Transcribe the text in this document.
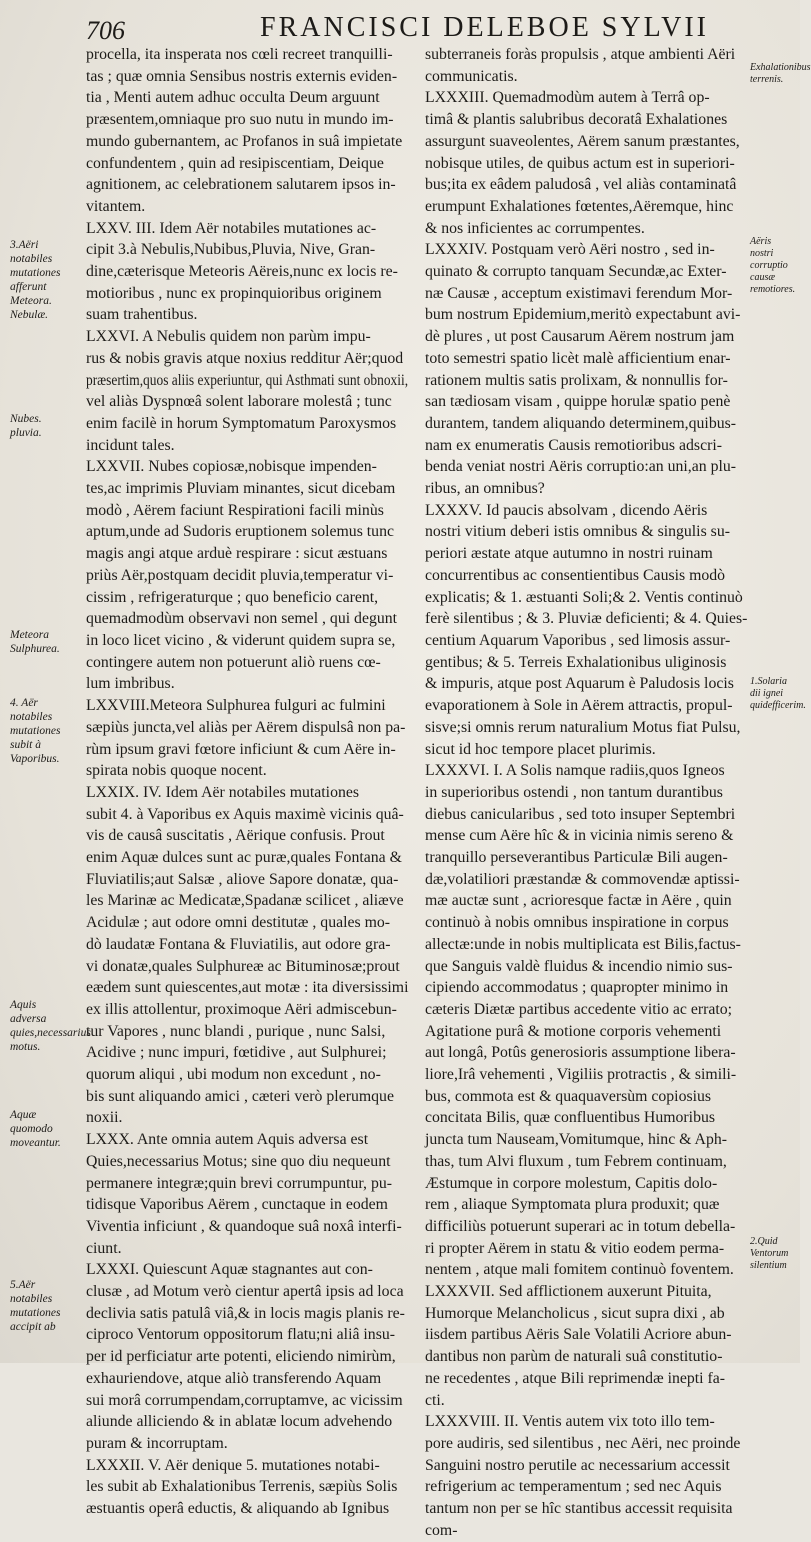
706	FRANCISCI DELEBOE SYLVII
procella, ita insperata nos cœli recreet tranquilli-
tas ; quæ omnia Sensibus nostris externis eviden-
tia , Menti autem adhuc occulta Deum arguunt
præsentem,omniaque pro suo nutu in mundo im-
mundo gubernantem, ac Profanos in suâ impietate
confundentem , quin ad resipiscentiam, Deique
agnitionem, ac celebrationem salutarem ipsos in-
vitantem.
LXXV. III. Idem Aër notabiles mutationes ac-
cipit 3.à Nebulis,Nubibus,Pluvia, Nive, Gran-
dine,cæterisque Meteoris Aëreis,nunc ex locis re-
motioribus , nunc ex propinquioribus originem
suam trahentibus.
LXXVI. A Nebulis quidem non parùm impu-
rus & nobis gravis atque noxius redditur Aër;quod
præsertim,quos aliis experiuntur, qui Asthmati sunt obnoxii,
vel aliàs Dyspnœâ solent laborare molestâ ; tunc
enim facilè in horum Symptomatum Paroxysmos
incidunt tales.
LXXVII. Nubes copiosæ,nobisque impenden-
tes,ac imprimis Pluviam minantes, sicut dicebam
modò , Aërem faciunt Respirationi facili minùs
aptum,unde ad Sudoris eruptionem solemus tunc
magis angi atque arduè respirare : sicut æstuans
priùs Aër,postquam decidit pluvia,temperatur vi-
cissim , refrigeraturque ; quo beneficio carent,
quemadmodùm observavi non semel , qui degunt
in loco licet vicino , & viderunt quidem supra se,
contingere autem non potuerunt aliò ruens cœ-
lum imbribus.
LXXVIII.Meteora Sulphurea fulguri ac fulmini
sæpiùs juncta,vel aliàs per Aërem dispulsâ non pa-
rùm ipsum gravi fœtore inficiunt & cum Aëre in-
spirata nobis quoque nocent.
LXXIX. IV. Idem Aër notabiles mutationes
subit 4. à Vaporibus ex Aquis maximè vicinis quâ-
vis de causâ suscitatis , Aërique confusis. Prout
enim Aquæ dulces sunt ac puræ,quales Fontana &
Fluviatilis;aut Salsæ , aliove Sapore donatæ, qua-
les Marinæ ac Medicatæ,Spadanæ scilicet , aliæve
Acidulæ ; aut odore omni destitutæ , quales mo-
dò laudatæ Fontana & Fluviatilis, aut odore gra-
vi donatæ,quales Sulphureæ ac Bituminosæ;prout
eædem sunt quiescentes,aut motæ : ita diversissimi
ex illis attollentur, proximoque Aëri admiscebun-
tur Vapores , nunc blandi , purique , nunc Salsi,
Acidive ; nunc impuri, fœtidive , aut Sulphurei;
quorum aliqui , ubi modum non excedunt , no-
bis sunt aliquando amici , cæteri verò plerumque
noxii.
LXXX. Ante omnia autem Aquis adversa est
Quies,necessarius Motus; sine quo diu nequeunt
permanere integræ;quin brevi corrumpuntur, pu-
tidisque Vaporibus Aërem , cunctaque in eodem
Viventia inficiunt , & quandoque suâ noxâ interfi-
ciunt.
LXXXI. Quiescunt Aquæ stagnantes aut con-
clusæ , ad Motum verò cientur apertâ ipsis ad loca
declivia satis patulâ viâ,& in locis magis planis re-
ciproco Ventorum oppositorum flatu;ni aliâ insu-
per id perficiatur arte potenti, eliciendo nimirùm,
exhauriendove, atque aliò transferendo Aquam
sui morâ corrumpendam,corruptamve, ac vicissim
aliunde alliciendo & in ablatæ locum advehendo
puram & incorruptam.
LXXXII. V. Aër denique 5. mutationes notabi-
les subit ab Exhalationibus Terrenis, sæpiùs Solis
æstuantis operâ eductis, & aliquando ab Ignibus
subterraneis foràs propulsis , atque ambienti Aëri
communicatis.
LXXXIII. Quemadmodùm autem à Terrâ op-
timâ & plantis salubribus decoratâ Exhalationes
assurgunt suaveolentes, Aërem sanum præstantes,
nobisque utiles, de quibus actum est in superiori-
bus;ita ex eâdem paludosâ , vel aliàs contaminatâ
erumpunt Exhalationes fœtentes,Aëremque, hinc
& nos inficientes ac corrumpentes.
LXXXIV. Postquam verò Aëri nostro , sed in-
quinato & corrupto tanquam Secundæ,ac Exter-
næ Causæ , acceptum existimavi ferendum Mor-
bum nostrum Epidemium,meritò expectabunt avi-
dè plures , ut post Causarum Aërem nostrum jam
toto semestri spatio licèt malè afficientium enar-
rationem multis satis prolixam, & nonnullis for-
san tædiosam visam , quippe horulæ spatio penè
durantem, tandem aliquando determinem,quibus-
nam ex enumeratis Causis remotioribus adscri-
benda veniat nostri Aëris corruptio:an uni,an plu-
ribus, an omnibus?
LXXXV. Id paucis absolvam , dicendo Aëris
nostri vitium deberi istis omnibus & singulis su-
periori æstate atque autumno in nostri ruinam
concurrentibus ac consentientibus Causis modò
explicatis; & 1. æstuanti Soli;& 2. Ventis continuò
ferè silentibus ; & 3. Pluviæ deficienti; & 4. Quies-
centium Aquarum Vaporibus , sed limosis assur-
gentibus; & 5. Terreis Exhalationibus uliginosis
& impuris, atque post Aquarum è Paludosis locis
evaporationem à Sole in Aërem attractis, propul-
sisve;si omnis rerum naturalium Motus fiat Pulsu,
sicut id hoc tempore placet plurimis.
LXXXVI. I. A Solis namque radiis,quos Igneos
in superioribus ostendi , non tantum durantibus
diebus canicularibus , sed toto insuper Septembri
mense cum Aëre hîc & in vicinia nimis sereno &
tranquillo perseverantibus Particulæ Bili augen-
dæ,volatiliori præstandæ & commovendæ aptissi-
mæ auctæ sunt , acrioresque factæ in Aëre , quin
continuò à nobis omnibus inspiratione in corpus
allectæ:unde in nobis multiplicata est Bilis,factus-
que Sanguis valdè fluidus & incendio nimio sus-
cipiendo accommodatus ; quapropter minimo in
cæteris Diætæ partibus accedente vitio ac errato;
Agitatione purâ & motione corporis vehementi
aut longâ, Potûs generosioris assumptione libera-
liore,Irâ vehementi , Vigiliis protractis , & simili-
bus, commota est & quaquaversùm copiosius
concitata Bilis, quæ confluentibus Humoribus
juncta tum Nauseam,Vomitumque, hinc & Aph-
thas, tum Alvi fluxum , tum Febrem continuam,
Æstumque in corpore molestum, Capitis dolo-
rem , aliaque Symptomata plura produxit; quæ
difficiliùs potuerunt superari ac in totum debella-
ri propter Aërem in statu & vitio eodem perma-
nentem , atque mali fomitem continuò foventem.
LXXXVII. Sed afflictionem auxerunt Pituita,
Humorque Melancholicus , sicut supra dixi , ab
iisdem partibus Aëris Sale Volatili Acriore abun-
dantibus non parùm de naturali suâ constitutio-
ne recedentes , atque Bili reprimendæ inepti fa-
cti.
LXXXVIII. II. Ventis autem vix toto illo tem-
pore audiris, sed silentibus , nec Aëri, nec proinde
Sanguini nostro perutile ac necessarium accessit
refrigerium ac temperamentum ; sed nec Aquis
tantum non per se hîc stantibus accessit requisita
com-
3.Aëri notabiles mutationes afferunt Meteora. Nebulæ.
Nubes. pluvia.
Meteora Sulphurea.
4. Aër notabiles mutationes subit à Vaporibus.
Aquis adversa quies,necessarius motus.
Aquæ quomodo moveantur.
5.Aër notabiles mutationes accipit ab
Exhalationibus terrenis.
Aëris nostri corruptio causæ remotiores.
1.Solaria dii ignei quidefficerim.
2.Quid Ventorum silentium
